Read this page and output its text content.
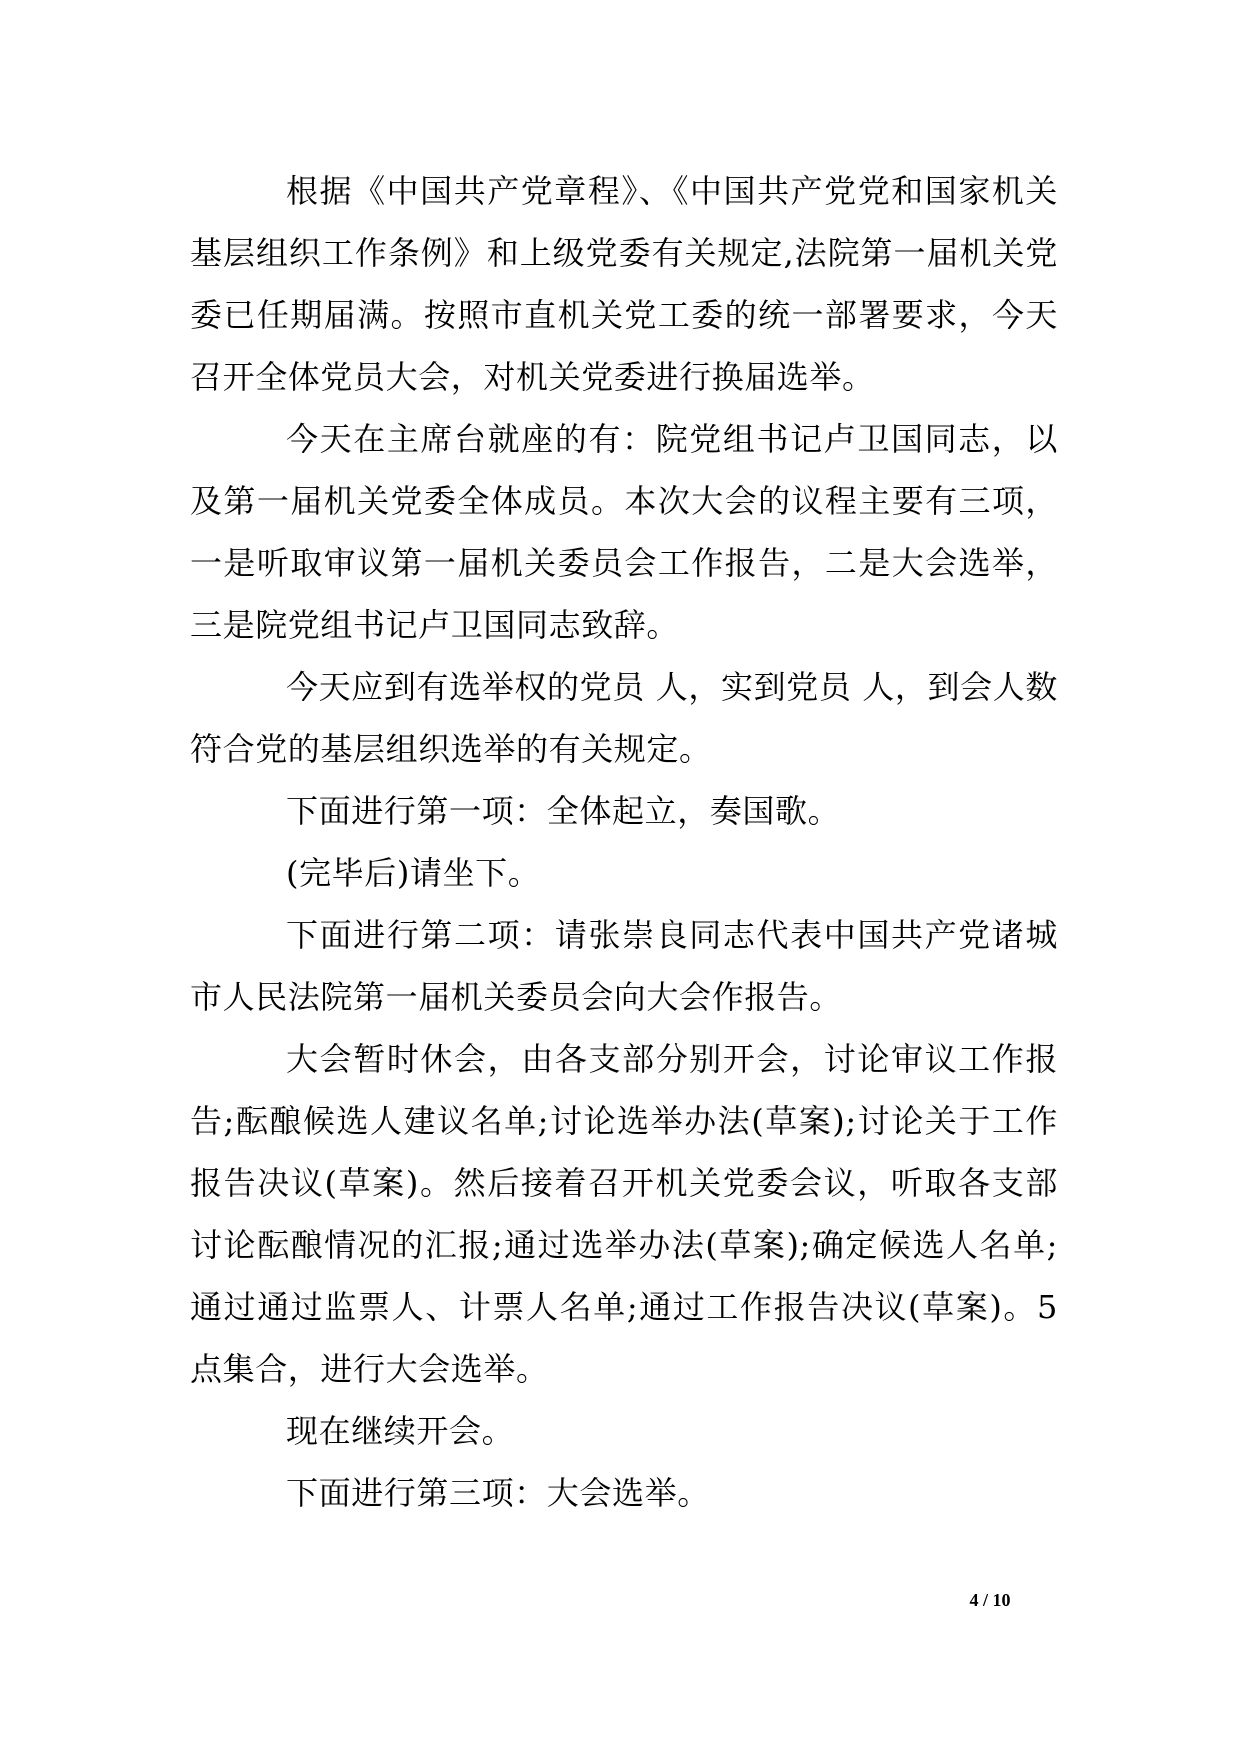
根据《中国共产党章程》、《中国共产党党和国家机关基层组织工作条例》和上级党委有关规定,法院第一届机关党委已任期届满。按照市直机关党工委的统一部署要求，今天召开全体党员大会，对机关党委进行换届选举。

今天在主席台就座的有：院党组书记卢卫国同志，以及第一届机关党委全体成员。本次大会的议程主要有三项，一是听取审议第一届机关委员会工作报告，二是大会选举，三是院党组书记卢卫国同志致辞。

今天应到有选举权的党员 人，实到党员 人，到会人数符合党的基层组织选举的有关规定。

下面进行第一项：全体起立，奏国歌。

(完毕后)请坐下。

下面进行第二项：请张崇良同志代表中国共产党诸城市人民法院第一届机关委员会向大会作报告。

大会暂时休会，由各支部分别开会，讨论审议工作报告;酝酿候选人建议名单;讨论选举办法(草案);讨论关于工作报告决议(草案)。然后接着召开机关党委会议，听取各支部讨论酝酿情况的汇报;通过选举办法(草案);确定候选人名单;通过通过监票人、计票人名单;通过工作报告决议(草案)。5 点集合，进行大会选举。

现在继续开会。

下面进行第三项：大会选举。

4 / 10
